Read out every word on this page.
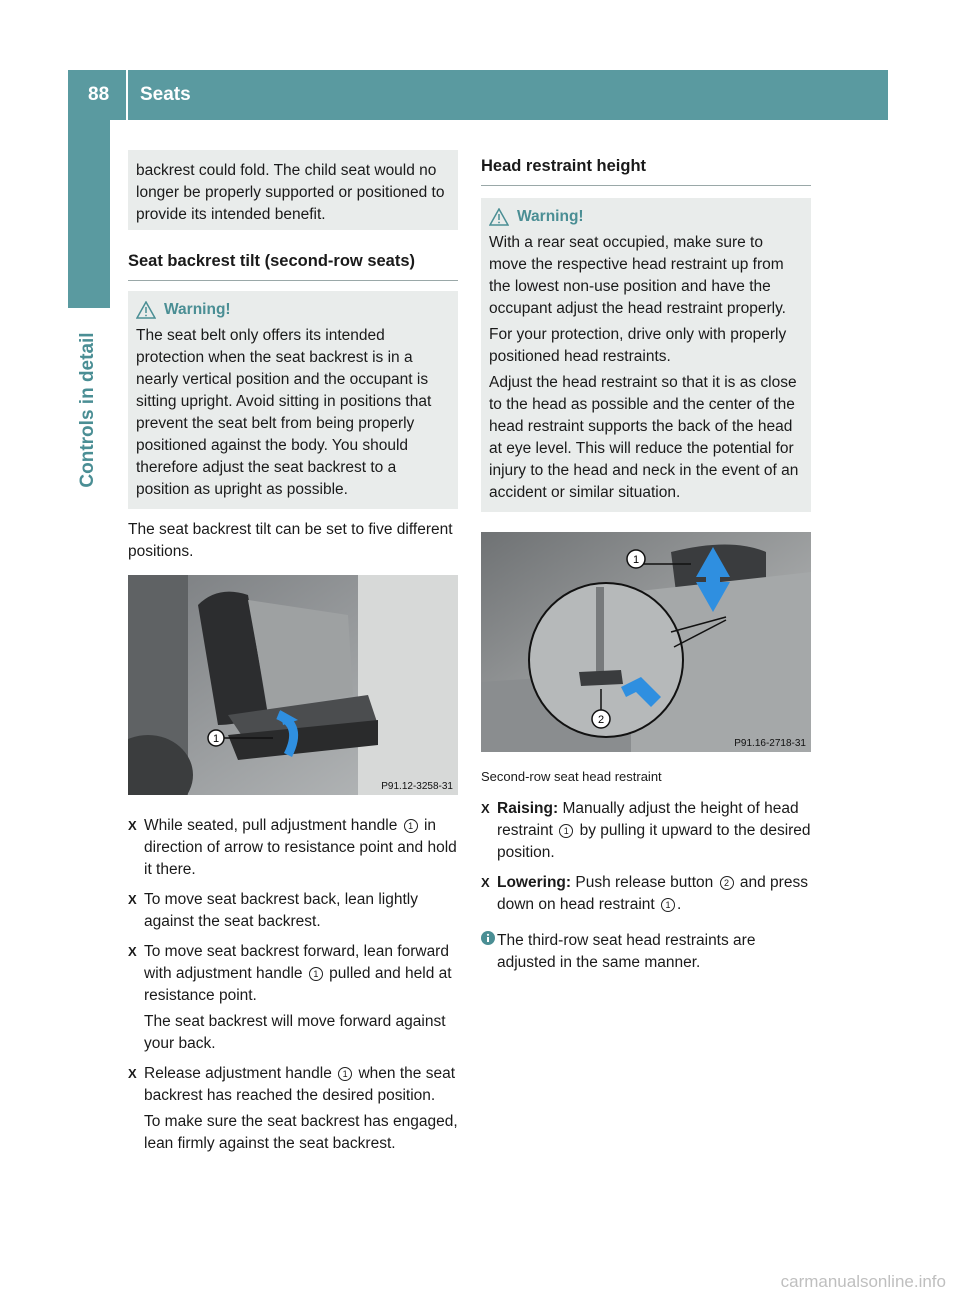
88	Seats
Controls in detail

backrest could fold. The child seat would no longer be properly supported or positioned to provide its intended benefit.

Seat backrest tilt (second-row seats)
Warning!

The seat belt only offers its intended protection when the seat backrest is in a nearly vertical position and the occupant is sitting upright. Avoid sitting in positions that prevent the seat belt from being properly positioned against the body. You should therefore adjust the seat backrest to a position as upright as possible.

The seat backrest tilt can be set to five different positions.

1
P91.12-3258-31
X While seated, pull adjustment handle 1 in direction of arrow to resistance point and hold it there.
X To move seat backrest back, lean lightly against the seat backrest.
X To move seat backrest forward, lean forward with adjustment handle 1 pulled and held at resistance point.

The seat backrest will move forward against your back.

X Release adjustment handle 1 when the seat backrest has reached the desired position.

To make sure the seat backrest has engaged, lean firmly against the seat backrest.

Head restraint height
Warning!

With a rear seat occupied, make sure to move the respective head restraint up from the lowest non-use position and have the occupant adjust the head restraint properly.

For your protection, drive only with properly positioned head restraints.

Adjust the head restraint so that it is as close to the head as possible and the center of the head restraint supports the back of the head at eye level. This will reduce the potential for injury to the head and neck in the event of an accident or similar situation.

1
2
P91.16-2718-31

Second-row seat head restraint

X Raising: Manually adjust the height of head restraint 1 by pulling it upward to the desired position.
X Lowering: Push release button 2 and press down on head restraint 1 .

The third-row seat head restraints are adjusted in the same manner.

carmanualsonline.info
